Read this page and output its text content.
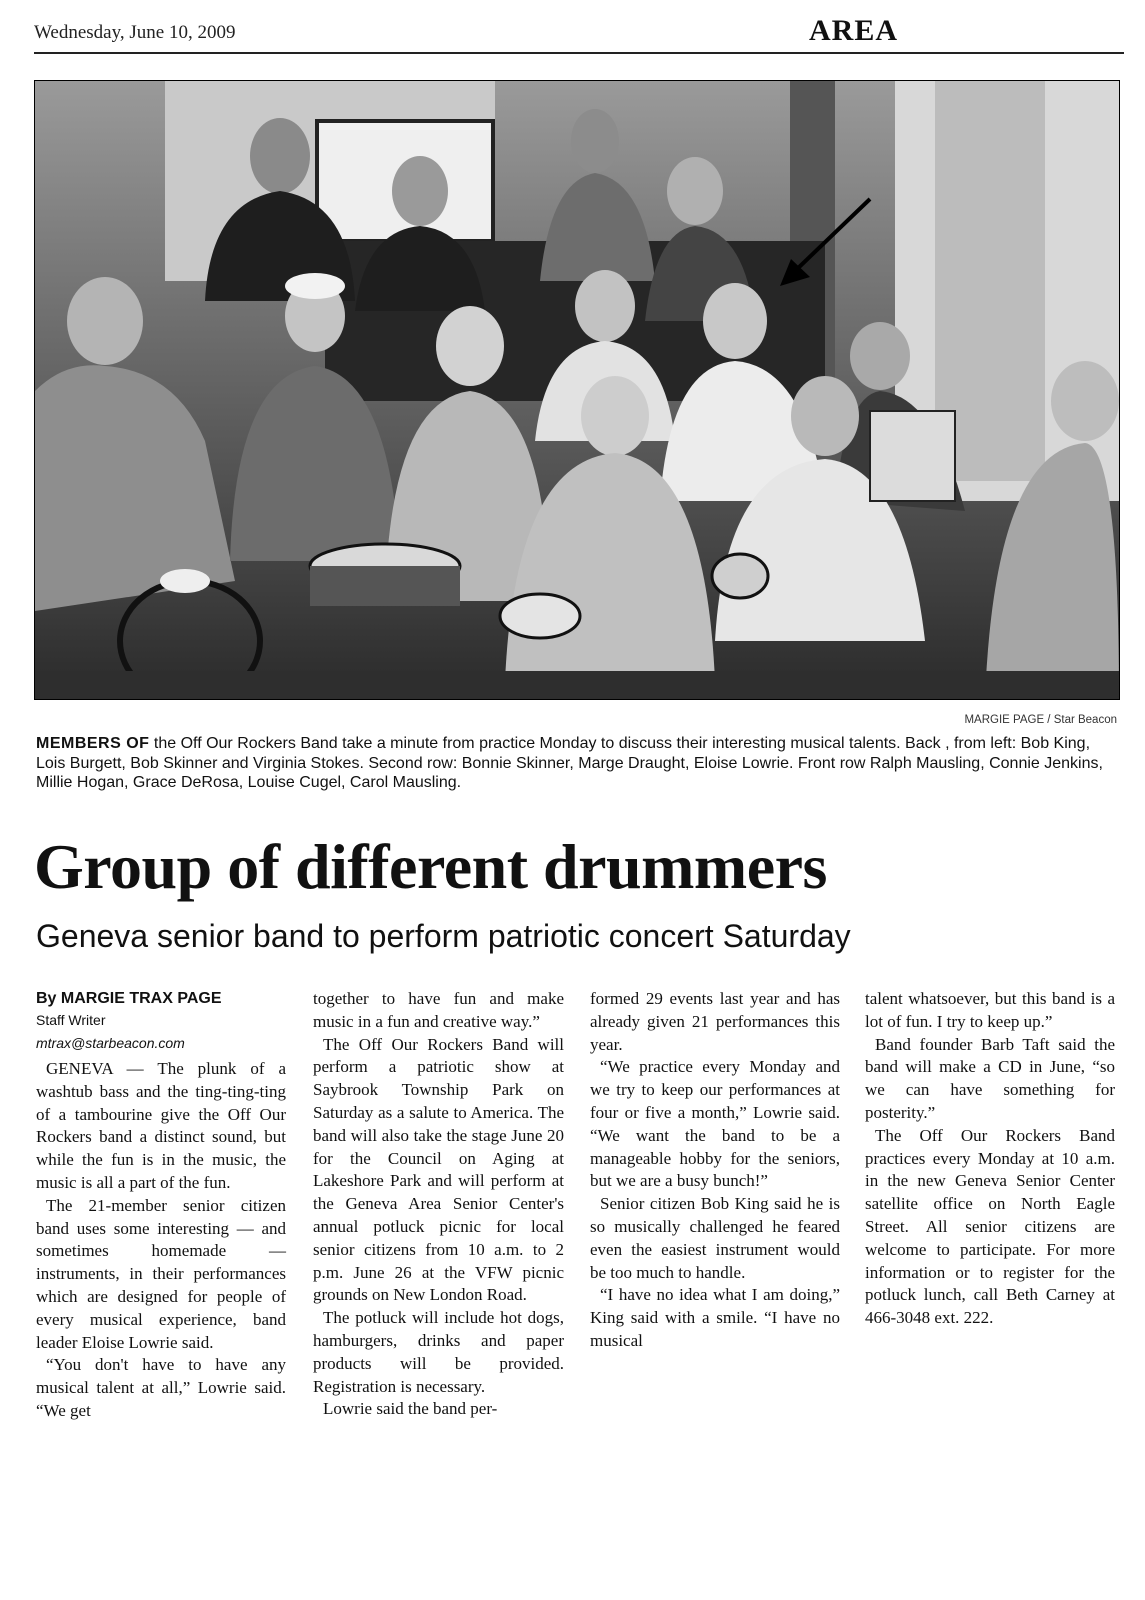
Wednesday, June 10, 2009	AREA
MARGIE PAGE / Star Beacon
MEMBERS OF the Off Our Rockers Band take a minute from practice Monday to discuss their interesting musical talents. Back , from left: Bob King, Lois Burgett, Bob Skinner and Virginia Stokes. Second row: Bonnie Skinner, Marge Draught, Eloise Lowrie. Front row Ralph Mausling, Connie Jenkins, Millie Hogan, Grace DeRosa, Louise Cugel, Carol Mausling.
Group of different drummers
Geneva senior band to perform patriotic concert Saturday
By MARGIE TRAX PAGE
Staff Writer
mtrax@starbeacon.com

GENEVA — The plunk of a washtub bass and the ting-ting-ting of a tambourine give the Off Our Rockers band a distinct sound, but while the fun is in the music, the music is all a part of the fun.

The 21-member senior citizen band uses some interesting — and sometimes homemade — instruments, in their performances which are designed for people of every musical experience, band leader Eloise Lowrie said.

“You don't have to have any musical talent at all,” Lowrie said. “We get

together to have fun and make music in a fun and creative way.”

The Off Our Rockers Band will perform a patriotic show at Saybrook Township Park on Saturday as a salute to America. The band will also take the stage June 20 for the Council on Aging at Lakeshore Park and will perform at the Geneva Area Senior Center's annual potluck picnic for local senior citizens from 10 a.m. to 2 p.m. June 26 at the VFW picnic grounds on New London Road.

The potluck will include hot dogs, hamburgers, drinks and paper products will be provided. Registration is necessary.

Lowrie said the band per-

formed 29 events last year and has already given 21 performances this year.

“We practice every Monday and we try to keep our performances at four or five a month,” Lowrie said. “We want the band to be a manageable hobby for the seniors, but we are a busy bunch!”

Senior citizen Bob King said he is so musically challenged he feared even the easiest instrument would be too much to handle.

“I have no idea what I am doing,” King said with a smile. “I have no musical

talent whatsoever, but this band is a lot of fun. I try to keep up.”

Band founder Barb Taft said the band will make a CD in June, “so we can have something for posterity.”

The Off Our Rockers Band practices every Monday at 10 a.m. in the new Geneva Senior Center satellite office on North Eagle Street. All senior citizens are welcome to participate. For more information or to register for the potluck lunch, call Beth Carney at 466-3048 ext. 222.
